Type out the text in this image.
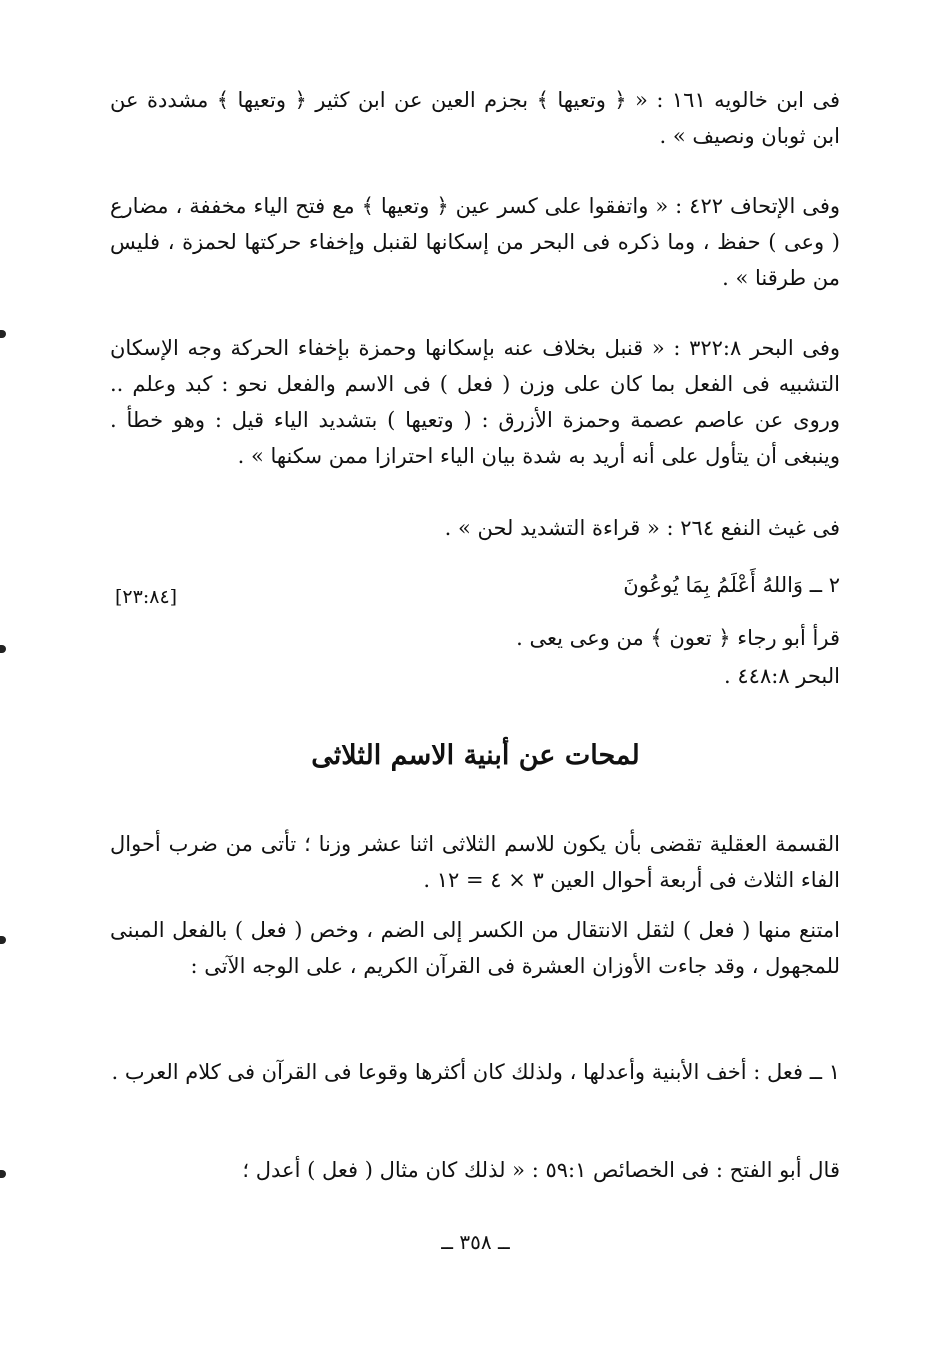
فى ابن خالويه ١٦١ : « ﴿ وتعيها ﴾ بجزم العين عن ابن كثير ﴿ وتعيها ﴾ مشددة عن ابن ثوبان ونصيف » .
وفى الإتحاف ٤٢٢ : « واتفقوا على كسر عين ﴿ وتعيها ﴾ مع فتح الياء مخففة ، مضارع ( وعى ) حفظ ، وما ذكره فى البحر من إسكانها لقنبل وإخفاء حركتها لحمزة ، فليس من طرقنا » .
وفى البحر ٣٢٢:٨ : « قنبل بخلاف عنه بإسكانها وحمزة بإخفاء الحركة وجه الإسكان التشبيه فى الفعل بما كان على وزن ( فعل ) فى الاسم والفعل نحو : كبد وعلم .. وروى عن عاصم عصمة وحمزة الأزرق : ( وتعيها ) بتشديد الياء قيل : وهو خطأ . وينبغى أن يتأول على أنه أريد به شدة بيان الياء احترازا ممن سكنها » .
فى غيث النفع ٢٦٤ : « قراءة التشديد لحن » .
٢ ــ وَاللهُ أَعْلَمُ بِمَا يُوعُونَ
[٢٣:٨٤]
قرأ أبو رجاء ﴿ تعون ﴾ من وعى يعى .
البحر ٤٤٨:٨ .
لمحات عن أبنية الاسم الثلاثى
القسمة العقلية تقضى بأن يكون للاسم الثلاثى اثنا عشر وزنا ؛ تأتى من ضرب أحوال الفاء الثلاث فى أربعة أحوال العين ٣ × ٤ = ١٢ .
امتنع منها ( فعل ) لثقل الانتقال من الكسر إلى الضم ، وخص ( فعل ) بالفعل المبنى للمجهول ، وقد جاءت الأوزان العشرة فى القرآن الكريم ، على الوجه الآتى :
١ ــ فعل : أخف الأبنية وأعدلها ، ولذلك كان أكثرها وقوعا فى القرآن فى كلام العرب .
قال أبو الفتح : فى الخصائص ٥٩:١ : « لذلك كان مثال ( فعل ) أعدل ؛
ــ ٣٥٨ ــ
